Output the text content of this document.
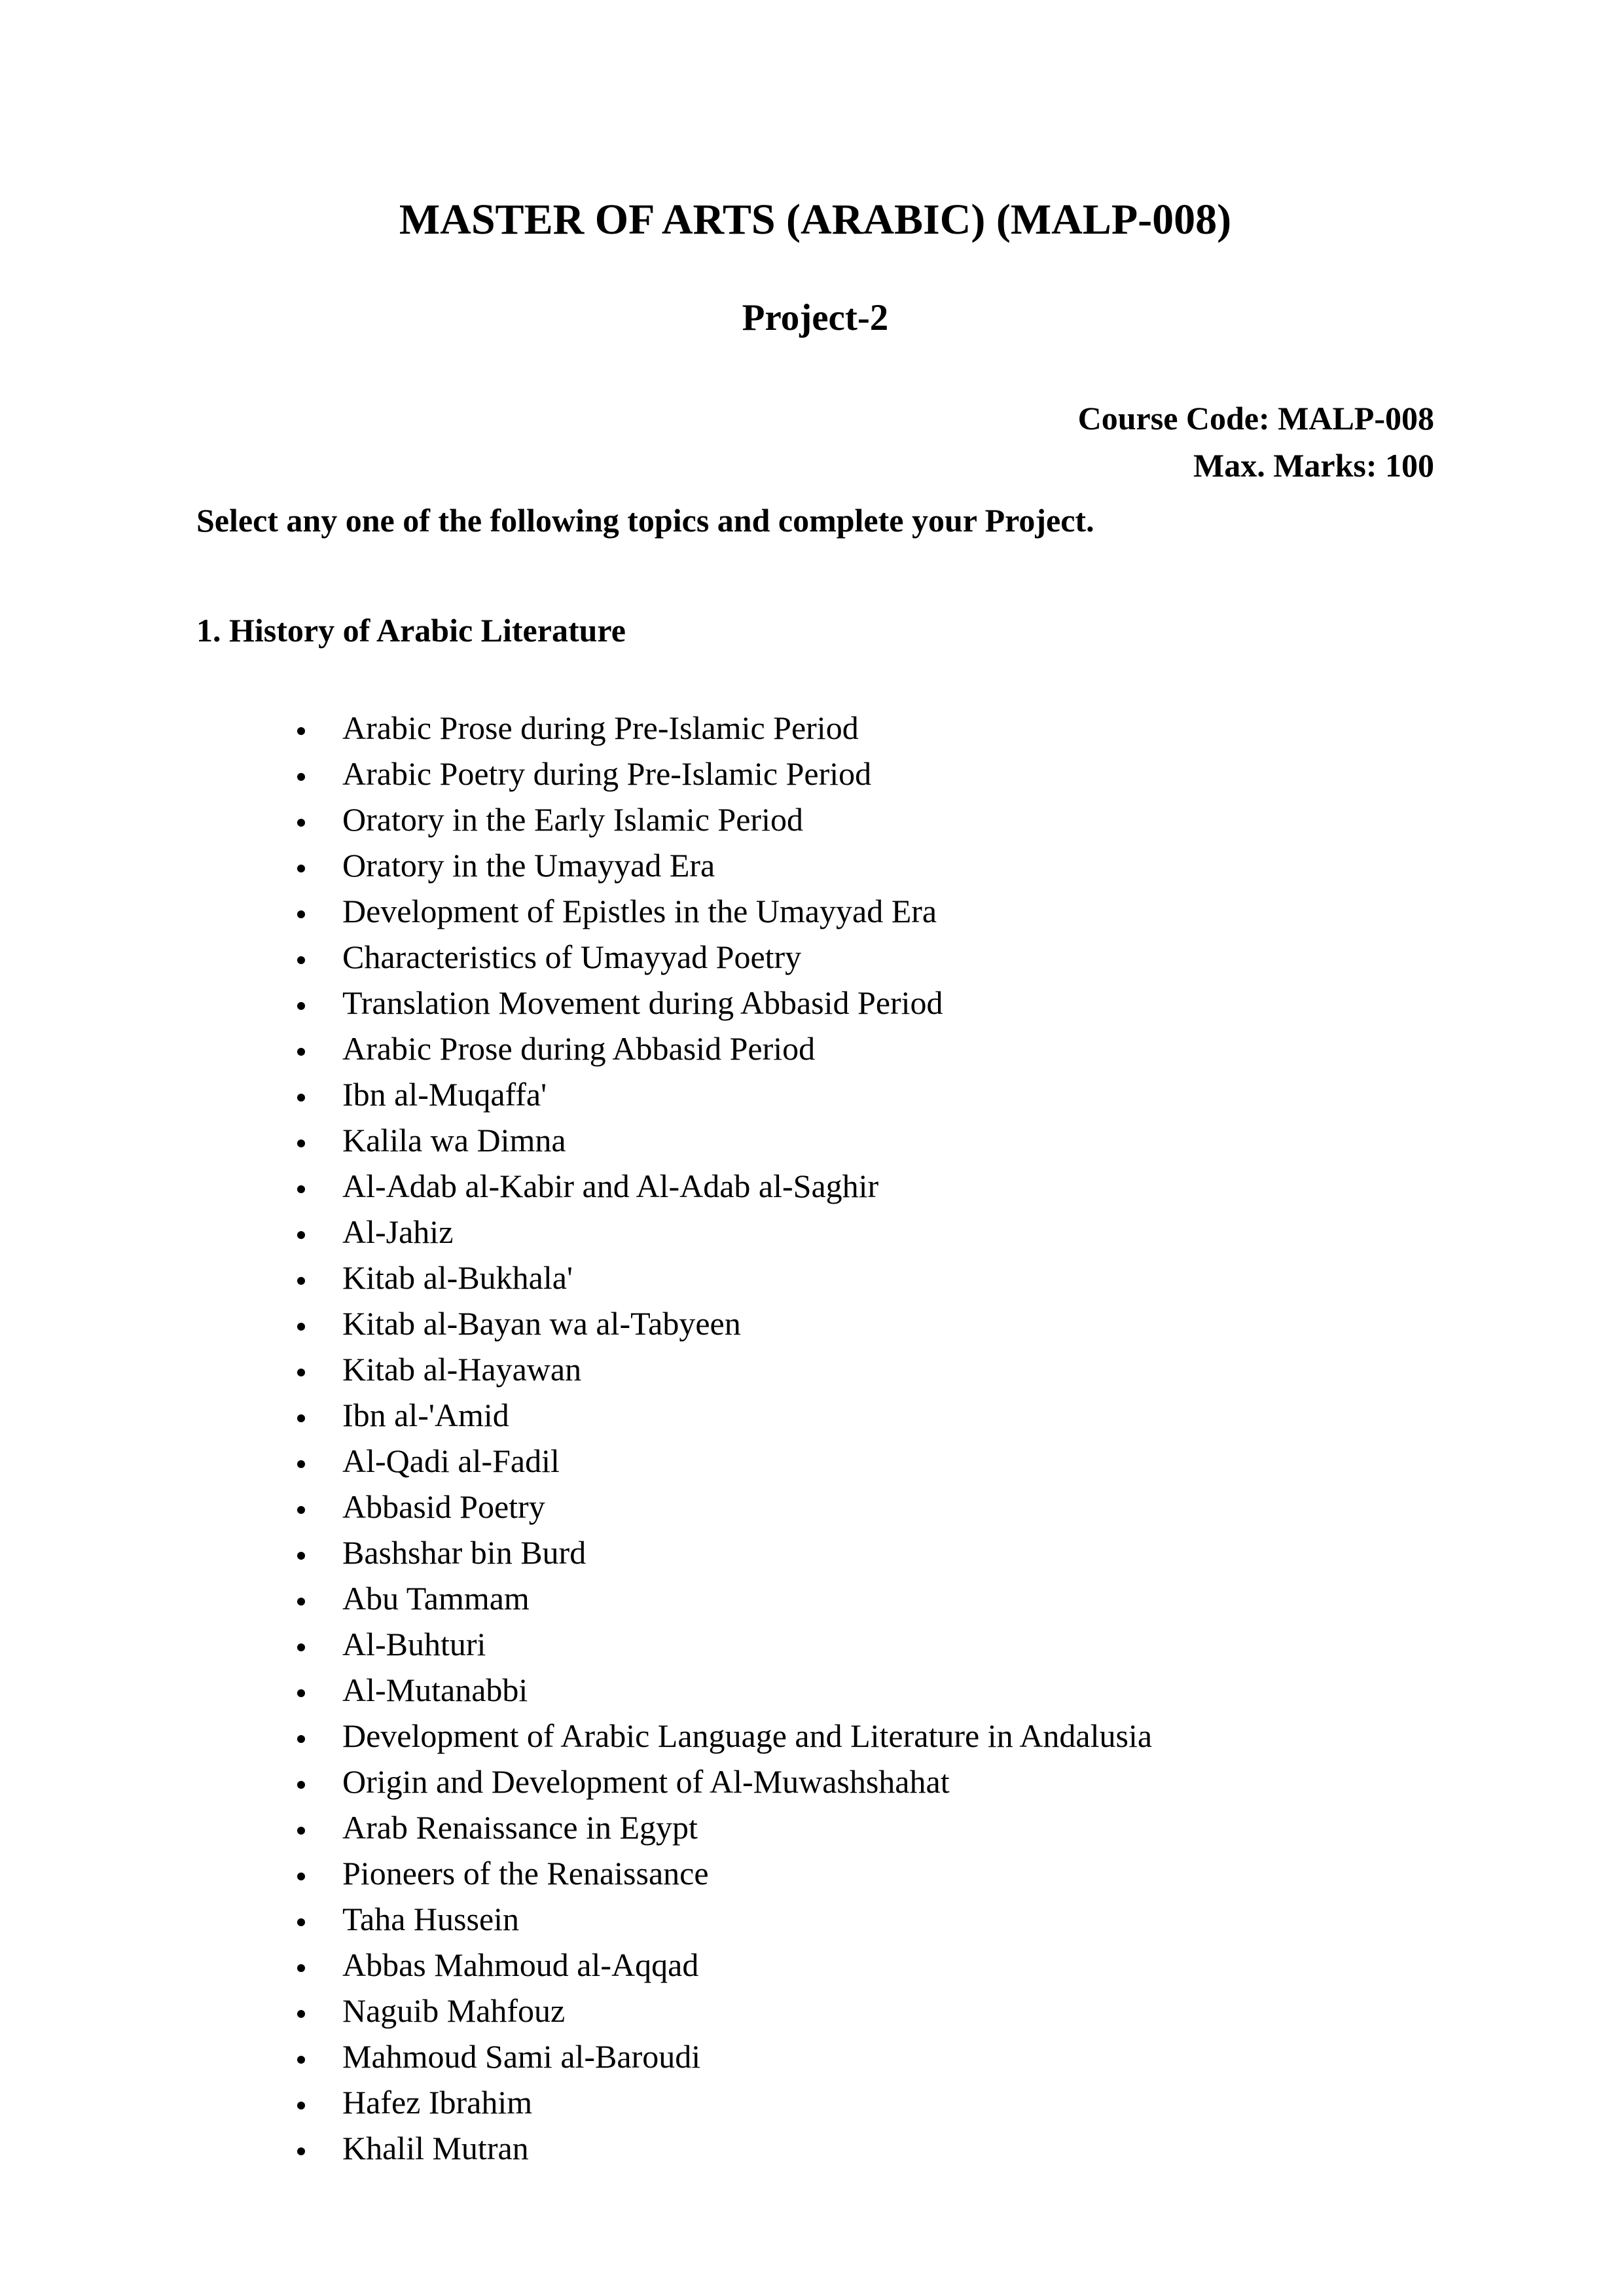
MASTER OF ARTS (ARABIC) (MALP-008)
Project-2
Course Code: MALP-008
Max. Marks: 100

Select any one of the following topics and complete your Project.

1. History of Arabic Literature
• Arabic Prose during Pre-Islamic Period
• Arabic Poetry during Pre-Islamic Period
• Oratory in the Early Islamic Period
• Oratory in the Umayyad Era
• Development of Epistles in the Umayyad Era
• Characteristics of Umayyad Poetry
• Translation Movement during Abbasid Period
• Arabic Prose during Abbasid Period
• Ibn al-Muqaffa'
• Kalila wa Dimna
• Al-Adab al-Kabir and Al-Adab al-Saghir
• Al-Jahiz
• Kitab al-Bukhala'
• Kitab al-Bayan wa al-Tabyeen
• Kitab al-Hayawan
• Ibn al-'Amid
• Al-Qadi al-Fadil
• Abbasid Poetry
• Bashshar bin Burd
• Abu Tammam
• Al-Buhturi
• Al-Mutanabbi
• Development of Arabic Language and Literature in Andalusia
• Origin and Development of Al-Muwashshahat
• Arab Renaissance in Egypt
• Pioneers of the Renaissance
• Taha Hussein
• Abbas Mahmoud al-Aqqad
• Naguib Mahfouz
• Mahmoud Sami al-Baroudi
• Hafez Ibrahim
• Khalil Mutran
